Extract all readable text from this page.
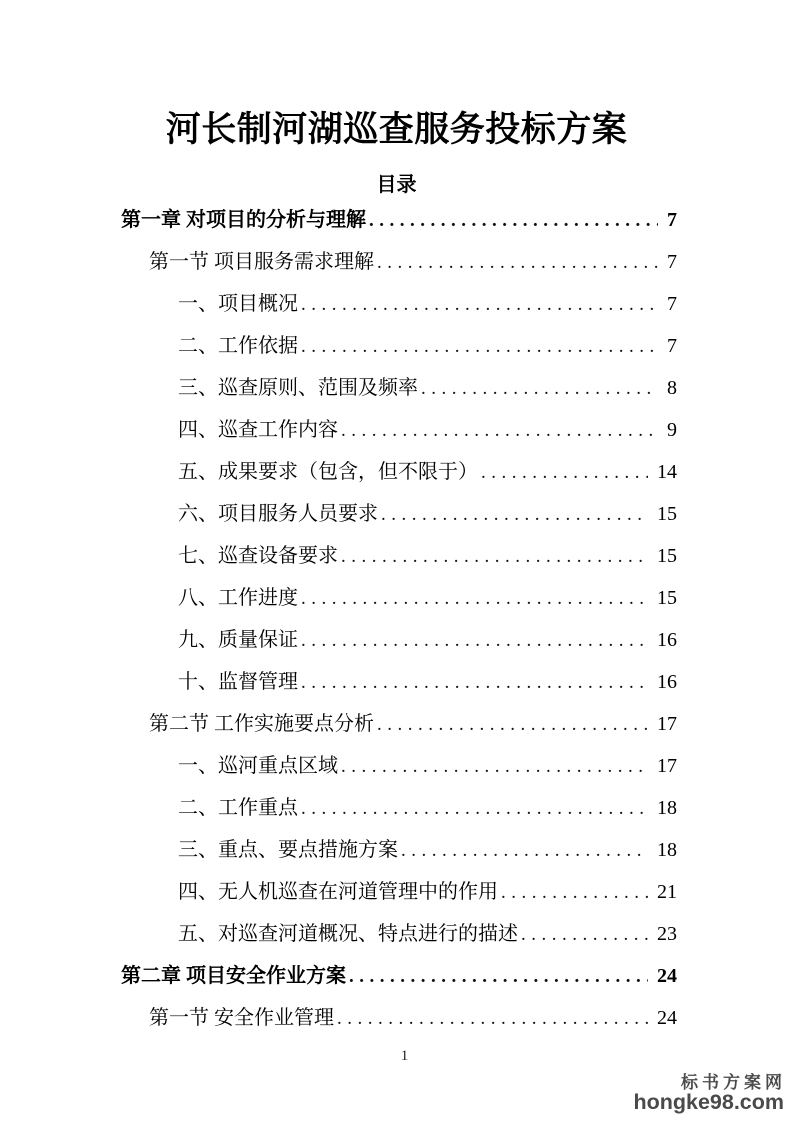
河长制河湖巡查服务投标方案
目录
第一章 对项目的分析与理解 .....	7
第一节 项目服务需求理解 .....	7
一、项目概况 .....	7
二、工作依据 .....	7
三、巡查原则、范围及频率 .....	8
四、巡查工作内容 .....	9
五、成果要求（包含，但不限于） .....	14
六、项目服务人员要求 .....	15
七、巡查设备要求 .....	15
八、工作进度 .....	15
九、质量保证 .....	16
十、监督管理 .....	16
第二节 工作实施要点分析 .....	17
一、巡河重点区域 .....	17
二、工作重点 .....	18
三、重点、要点措施方案 .....	18
四、无人机巡查在河道管理中的作用 .....	21
五、对巡查河道概况、特点进行的描述 .....	23
第二章 项目安全作业方案 .....	24
第一节 安全作业管理 .....	24
1
标书方案网
hongke98.com
